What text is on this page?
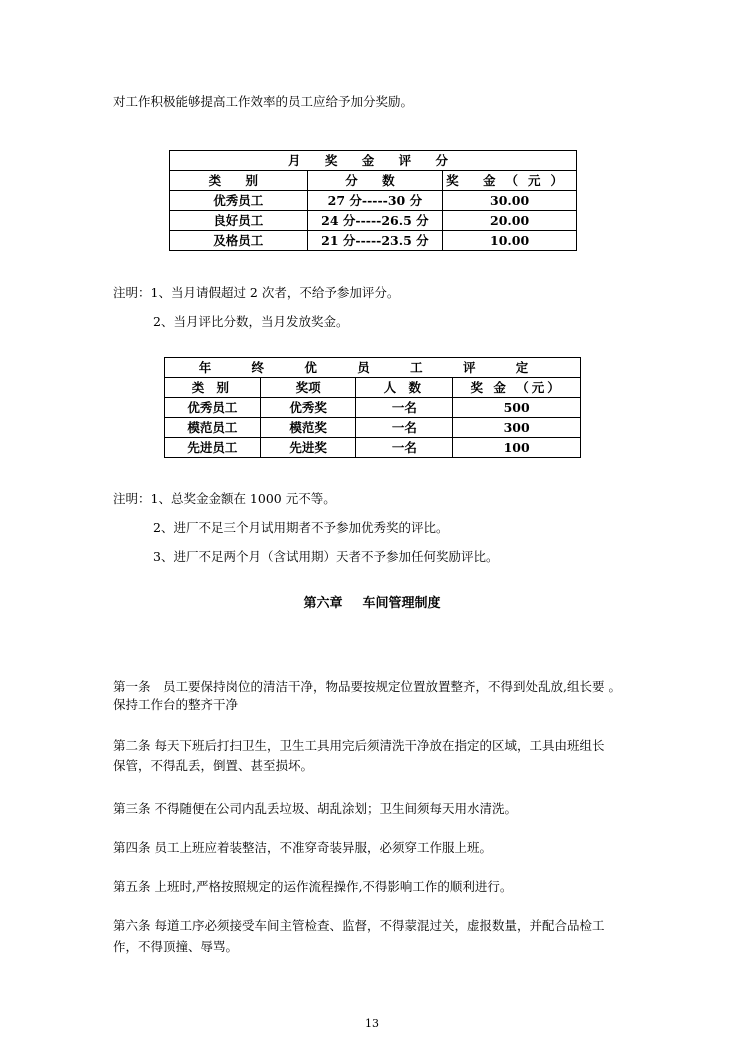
对工作积极能够提高工作效率的员工应给予加分奖励。

月 奖 金 评 分		
类 别	分 数	奖 金（元）
优秀员工	27 分-----30 分	30.00
良好员工	24 分-----26.5 分	20.00
及格员工	21 分-----23.5 分	10.00

注明：1、当月请假超过 2 次者，不给予参加评分。

2、当月评比分数，当月发放奖金。

年 终 优 员 工 评 定			
类 别	奖项	人 数	奖 金 （元）
优秀员工	优秀奖	一名	500
模范员工	模范奖	一名	300
先进员工	先进奖	一名	100

注明：1、总奖金金额在 1000 元不等。

2、进厂不足三个月试用期者不予参加优秀奖的评比。

3、进厂不足两个月（含试用期）天者不予参加任何奖励评比。

第六章 车间管理制度

第一条　员工要保持岗位的清洁干净，物品要按规定位置放置整齐，不得到处乱放,组长要 。

保持工作台的整齐干净

第二条 每天下班后打扫卫生，卫生工具用完后须清洗干净放在指定的区域，工具由班组长

保管，不得乱丢，倒置、甚至损坏。

第三条 不得随便在公司内乱丢垃圾、胡乱涂划；卫生间须每天用水清洗。

第四条 员工上班应着装整洁，不准穿奇装异服，必须穿工作服上班。

第五条 上班时,严格按照规定的运作流程操作,不得影响工作的顺利进行。

第六条 每道工序必须接受车间主管检查、监督，不得蒙混过关，虚报数量，并配合品检工

作，不得顶撞、辱骂。

13
